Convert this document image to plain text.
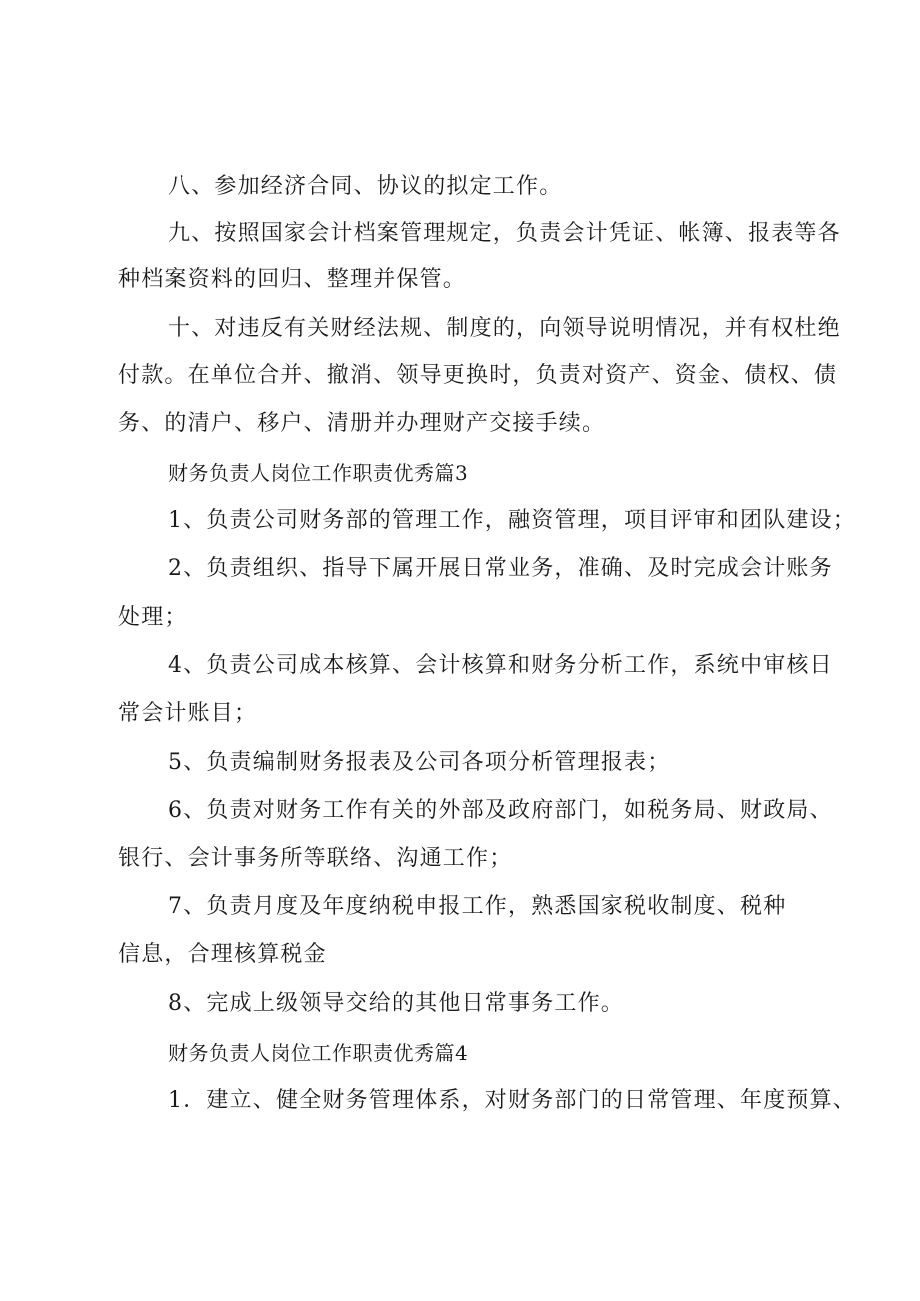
八、参加经济合同、协议的拟定工作。
九、按照国家会计档案管理规定，负责会计凭证、帐簿、报表等各
种档案资料的回归、整理并保管。
十、对违反有关财经法规、制度的，向领导说明情况，并有权杜绝
付款。在单位合并、撤消、领导更换时，负责对资产、资金、债权、债
务、的清户、移户、清册并办理财产交接手续。
财务负责人岗位工作职责优秀篇3
1、负责公司财务部的管理工作，融资管理，项目评审和团队建设；
2、负责组织、指导下属开展日常业务，准确、及时完成会计账务
处理；
4、负责公司成本核算、会计核算和财务分析工作，系统中审核日
常会计账目；
5、负责编制财务报表及公司各项分析管理报表；
6、负责对财务工作有关的外部及政府部门，如税务局、财政局、
银行、会计事务所等联络、沟通工作；
7、负责月度及年度纳税申报工作，熟悉国家税收制度、税种
信息，合理核算税金
8、完成上级领导交给的其他日常事务工作。
财务负责人岗位工作职责优秀篇4
1．建立、健全财务管理体系，对财务部门的日常管理、年度预算、
